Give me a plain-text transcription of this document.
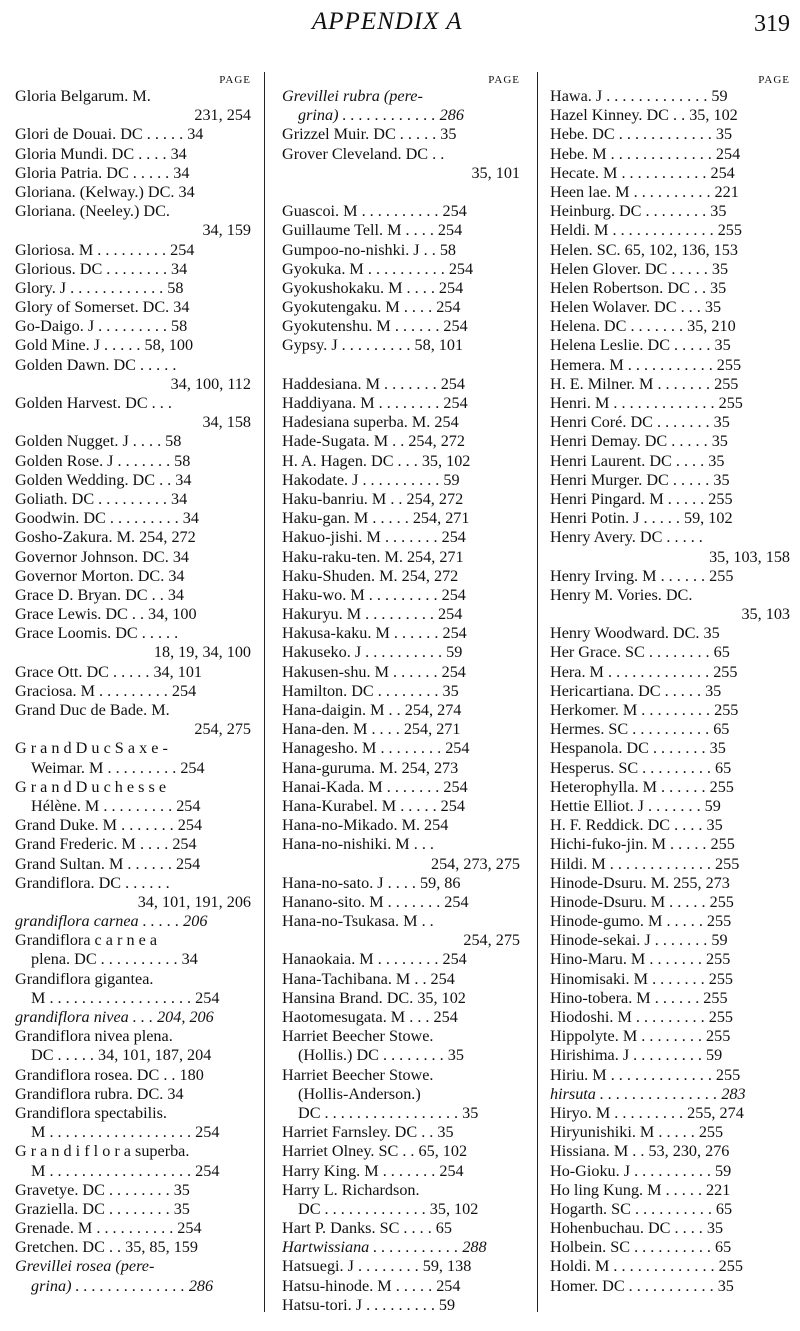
APPENDIX A	319
PAGE
Gloria Belgarum. M.
231, 254
Glori de Douai. DC . . . . . 34
Gloria Mundi. DC . . . . 34
Gloria Patria. DC . . . . . 34
Gloriana. (Kelway.) DC. 34
Gloriana. (Neeley.) DC.
34, 159
Gloriosa. M . . . . . . . . . 254
Glorious. DC . . . . . . . . 34
Glory. J . . . . . . . . . . . . 58
Glory of Somerset. DC. 34
Go-Daigo. J . . . . . . . . . 58
Gold Mine. J . . . . . 58, 100
Golden Dawn. DC . . . . .
34, 100, 112
Golden Harvest. DC . . .
34, 158
Golden Nugget. J . . . . 58
Golden Rose. J . . . . . . . 58
Golden Wedding. DC . . 34
Goliath. DC . . . . . . . . . 34
Goodwin. DC . . . . . . . . . 34
Gosho-Zakura. M. 254, 272
Governor Johnson. DC. 34
Governor Morton. DC. 34
Grace D. Bryan. DC . . 34
Grace Lewis. DC . . 34, 100
Grace Loomis. DC . . . . .
18, 19, 34, 100
Grace Ott. DC . . . . . 34, 101
Graciosa. M . . . . . . . . . 254
Grand Duc de Bade. M.
254, 275
G r a n d D u c S a x e -
Weimar. M . . . . . . . . . 254
G r a n d D u c h e s s e
Hélène. M . . . . . . . . . 254
Grand Duke. M . . . . . . . 254
Grand Frederic. M . . . . 254
Grand Sultan. M . . . . . . 254
Grandiflora. DC . . . . . .
34, 101, 191, 206
grandiflora carnea . . . . . 206
Grandiflora c a r n e a
plena. DC . . . . . . . . . . 34
Grandiflora gigantea.
M . . . . . . . . . . . . . . . . . . 254
grandiflora nivea . . . 204, 206
Grandiflora nivea plena.
DC . . . . . 34, 101, 187, 204
Grandiflora rosea. DC . . 180
Grandiflora rubra. DC. 34
Grandiflora spectabilis.
M . . . . . . . . . . . . . . . . . . 254
G r a n d i f l o r a superba.
M . . . . . . . . . . . . . . . . . . 254
Gravetye. DC . . . . . . . . 35
Graziella. DC . . . . . . . . 35
Grenade. M . . . . . . . . . . 254
Gretchen. DC . . 35, 85, 159
Grevillei rosea (pere-
grina) . . . . . . . . . . . . . . 286
PAGE
Grevillei rubra (pere-
grina) . . . . . . . . . . . . 286
Grizzel Muir. DC . . . . . 35
Grover Cleveland. DC . .
35, 101
Guascoi. M . . . . . . . . . . 254
Guillaume Tell. M . . . . 254
Gumpoo-no-nishki. J . . 58
Gyokuka. M . . . . . . . . . . 254
Gyokushokaku. M . . . . 254
Gyokutengaku. M . . . . 254
Gyokutenshu. M . . . . . . 254
Gypsy. J . . . . . . . . . 58, 101
Haddesiana. M . . . . . . . 254
Haddiyana. M . . . . . . . . 254
Hadesiana superba. M. 254
Hade-Sugata. M . . 254, 272
H. A. Hagen. DC . . . 35, 102
Hakodate. J . . . . . . . . . . 59
Haku-banriu. M . . 254, 272
Haku-gan. M . . . . . 254, 271
Hakuo-jishi. M . . . . . . . 254
Haku-raku-ten. M. 254, 271
Haku-Shuden. M. 254, 272
Haku-wo. M . . . . . . . . . 254
Hakuryu. M . . . . . . . . . 254
Hakusa-kaku. M . . . . . . 254
Hakuseko. J . . . . . . . . . . 59
Hakusen-shu. M . . . . . . 254
Hamilton. DC . . . . . . . . 35
Hana-daigin. M . . 254, 274
Hana-den. M . . . . 254, 271
Hanagesho. M . . . . . . . . 254
Hana-guruma. M. 254, 273
Hanai-Kada. M . . . . . . . 254
Hana-Kurabel. M . . . . . 254
Hana-no-Mikado. M. 254
Hana-no-nishiki. M . . .
254, 273, 275
Hana-no-sato. J . . . . 59, 86
Hanano-sito. M . . . . . . . 254
Hana-no-Tsukasa. M . .
254, 275
Hanaokaia. M . . . . . . . . 254
Hana-Tachibana. M . . 254
Hansina Brand. DC. 35, 102
Haotomesugata. M . . . 254
Harriet Beecher Stowe.
(Hollis.) DC . . . . . . . . 35
Harriet Beecher Stowe.
(Hollis-Anderson.)
DC . . . . . . . . . . . . . . . . . 35
Harriet Farnsley. DC . . 35
Harriet Olney. SC . . 65, 102
Harry King. M . . . . . . . 254
Harry L. Richardson.
DC . . . . . . . . . . . . . 35, 102
Hart P. Danks. SC . . . . 65
Hartwissiana . . . . . . . . . . . 288
Hatsuegi. J . . . . . . . . 59, 138
Hatsu-hinode. M . . . . . 254
Hatsu-tori. J . . . . . . . . . 59
PAGE
Hawa. J . . . . . . . . . . . . . 59
Hazel Kinney. DC . . 35, 102
Hebe. DC . . . . . . . . . . . . 35
Hebe. M . . . . . . . . . . . . . 254
Hecate. M . . . . . . . . . . . 254
Heen lae. M . . . . . . . . . . 221
Heinburg. DC . . . . . . . . 35
Heldi. M . . . . . . . . . . . . . 255
Helen. SC. 65, 102, 136, 153
Helen Glover. DC . . . . . 35
Helen Robertson. DC . . 35
Helen Wolaver. DC . . . 35
Helena. DC . . . . . . . 35, 210
Helena Leslie. DC . . . . . 35
Hemera. M . . . . . . . . . . . 255
H. E. Milner. M . . . . . . . 255
Henri. M . . . . . . . . . . . . . 255
Henri Coré. DC . . . . . . . 35
Henri Demay. DC . . . . . 35
Henri Laurent. DC . . . . 35
Henri Murger. DC . . . . . 35
Henri Pingard. M . . . . . 255
Henri Potin. J . . . . . 59, 102
Henry Avery. DC . . . . .
35, 103, 158
Henry Irving. M . . . . . . 255
Henry M. Vories. DC.
35, 103
Henry Woodward. DC. 35
Her Grace. SC . . . . . . . . 65
Hera. M . . . . . . . . . . . . . 255
Hericartiana. DC . . . . . 35
Herkomer. M . . . . . . . . . 255
Hermes. SC . . . . . . . . . . 65
Hespanola. DC . . . . . . . 35
Hesperus. SC . . . . . . . . . 65
Heterophylla. M . . . . . . 255
Hettie Elliot. J . . . . . . . 59
H. F. Reddick. DC . . . . 35
Hichi-fuko-jin. M . . . . . 255
Hildi. M . . . . . . . . . . . . . 255
Hinode-Dsuru. M. 255, 273
Hinode-Dsuru. M . . . . . 255
Hinode-gumo. M . . . . . 255
Hinode-sekai. J . . . . . . . 59
Hino-Maru. M . . . . . . . 255
Hinomisaki. M . . . . . . . 255
Hino-tobera. M . . . . . . 255
Hiodoshi. M . . . . . . . . . 255
Hippolyte. M . . . . . . . . 255
Hirishima. J . . . . . . . . . 59
Hiriu. M . . . . . . . . . . . . . 255
hirsuta . . . . . . . . . . . . . . . 283
Hiryo. M . . . . . . . . . 255, 274
Hiryunishiki. M . . . . . 255
Hissiana. M . . 53, 230, 276
Ho-Gioku. J . . . . . . . . . . 59
Ho ling Kung. M . . . . . 221
Hogarth. SC . . . . . . . . . . 65
Hohenbuchau. DC . . . . 35
Holbein. SC . . . . . . . . . . 65
Holdi. M . . . . . . . . . . . . . 255
Homer. DC . . . . . . . . . . . 35
